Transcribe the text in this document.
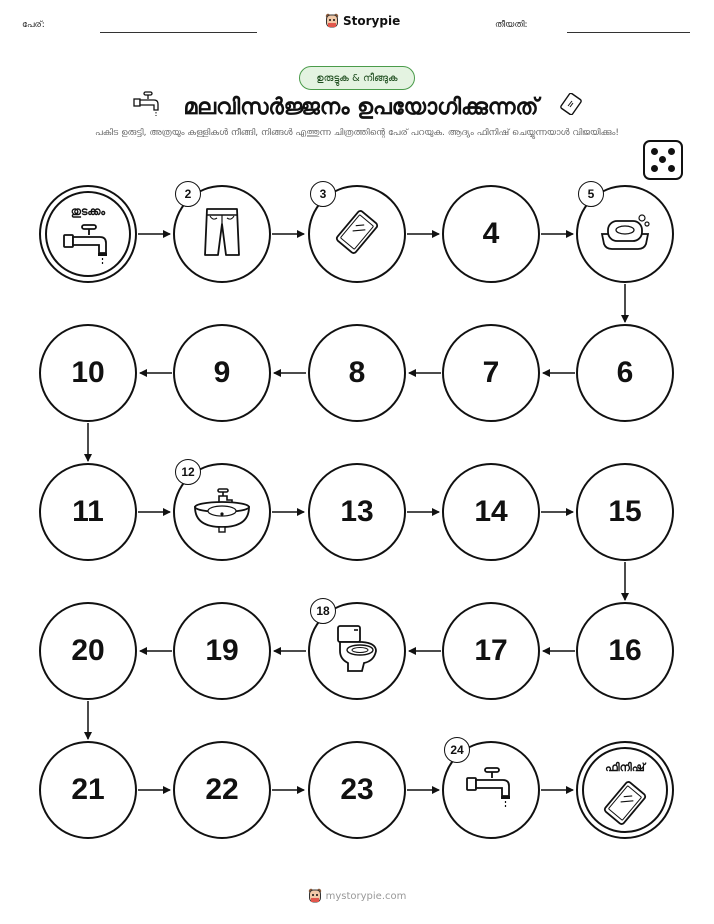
പേര്:	Storypie	തീയതി:
ഉരുട്ടുക & നീങ്ങുക
മലവിസർജ്ജനം ഉപയോഗിക്കുന്നത്
പകിട ഉരുട്ടി, അത്രയും കള്ളികൾ നീങ്ങി, നിങ്ങൾ എത്തുന്ന ചിത്രത്തിന്റെ പേര് പറയുക. ആദ്യം ഫിനിഷ് ചെയ്യുന്നയാൾ വിജയിക്കും!
തുടക്കം
2	3
4
5
6
7
8
9
10
11
12
13	14	15
16
17
18
19
20
21	22	23
24
ഫിനിഷ്
mystorypie.com
